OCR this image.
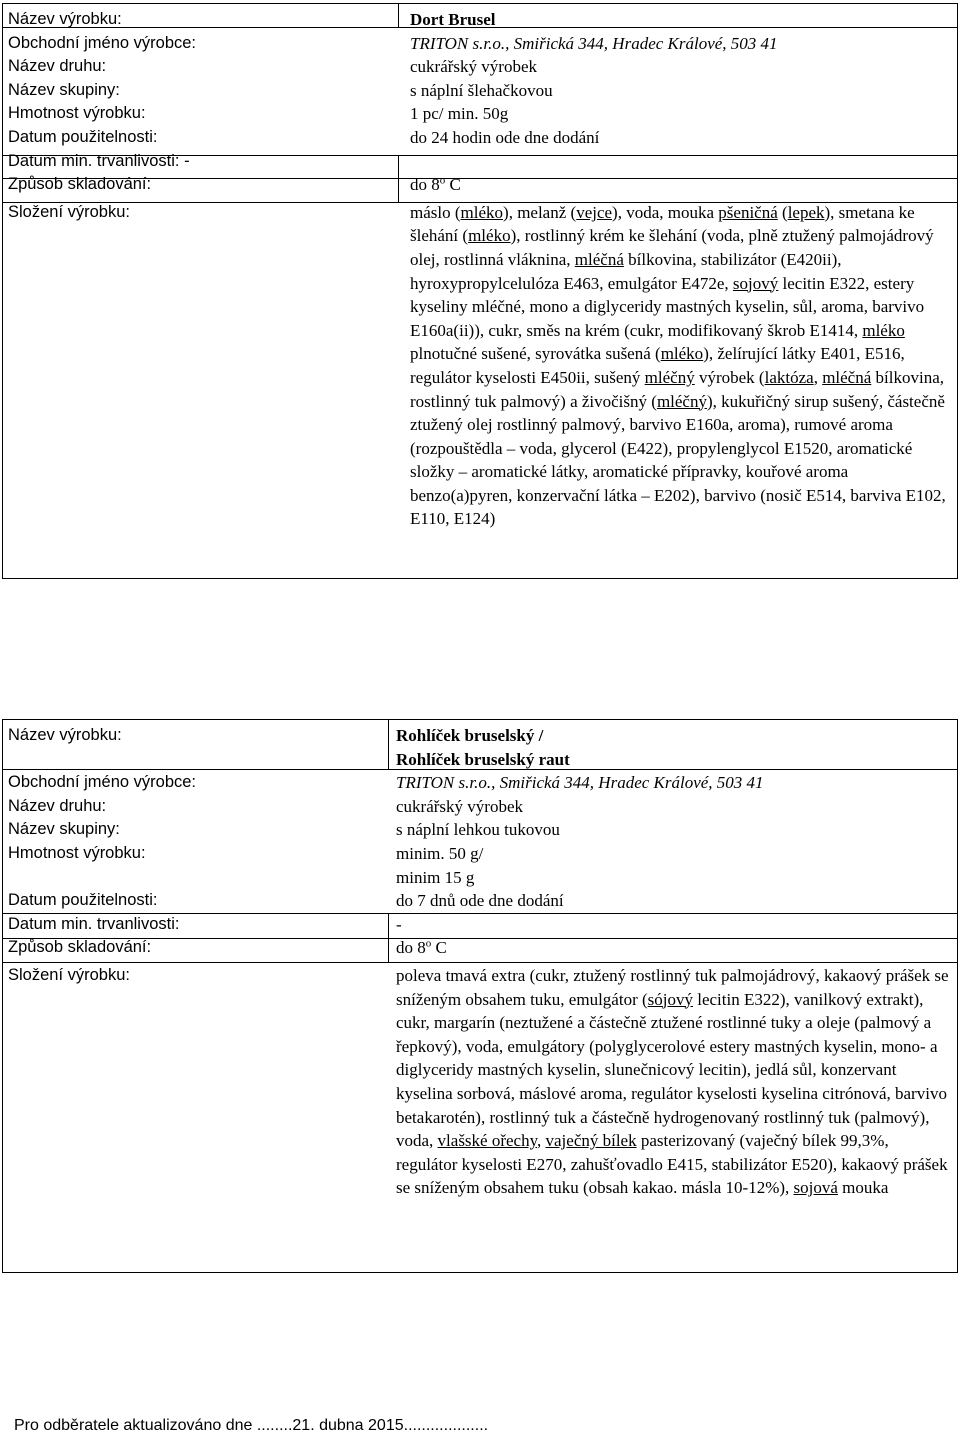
Název výrobku:	Dort Brusel
Obchodní jméno výrobce:	TRITON s.r.o., Smiřická 344, Hradec Králové, 503 41
Název druhu:	cukrářský výrobek
Název skupiny:	s náplní šlehačkovou
Hmotnost výrobku:	1 pc/ min. 50g
Datum použitelnosti:	do 24 hodin ode dne dodání
Datum min. trvanlivosti: -	
Způsob skladování:	do 8$^o$ C
Složení výrobku:	máslo (mléko), melanž (vejce), voda, mouka pšeničná (lepek), smetana ke šlehání (mléko), rostlinný krém ke šlehání (voda, plně ztužený palmojádrový olej, rostlinná vláknina, mléčná bílkovina, stabilizátor (E420ii), hyroxypropylcelulóza E463, emulgátor E472e, sojový lecitin E322, estery kyseliny mléčné, mono a diglyceridy mastných kyselin, sůl, aroma, barvivo E160a(ii)), cukr, směs na krém (cukr, modifikovaný škrob E1414, mléko plnotučné sušené, syrovátka sušená (mléko), želírující látky E401, E516, regulátor kyselosti E450ii, sušený mléčný výrobek (laktóza, mléčná bílkovina, rostlinný tuk palmový) a živočišný (mléčný), kukuřičný sirup sušený, částečně ztužený olej rostlinný palmový, barvivo E160a, aroma), rumové aroma (rozpouštědla – voda, glycerol (E422), propylenglycol E1520, aromatické složky – aromatické látky, aromatické přípravky, kouřové aroma benzo(a)pyren, konzervační látka – E202), barvivo (nosič E514, barviva E102, E110, E124)
Název výrobku:	Rohlíček bruselský /
Rohlíček bruselský raut

Obchodní jméno výrobce:	TRITON s.r.o., Smiřická 344, Hradec Králové, 503 41
Název druhu:	cukrářský výrobek
Název skupiny:	s náplní lehkou tukovou
Hmotnost výrobku:	minim. 50 g/
minim 15 g

Datum použitelnosti:	do 7 dnů ode dne dodání
Datum min. trvanlivosti:	-
Způsob skladování:	do 8$^o$ C
Složení výrobku:	poleva tmavá extra (cukr, ztužený rostlinný tuk palmojádrový, kakaový prášek se sníženým obsahem tuku, emulgátor (sójový lecitin E322), vanilkový extrakt), cukr, margarín (neztužené a částečně ztužené rostlinné tuky a oleje (palmový a řepkový), voda, emulgátory (polyglycerolové estery mastných kyselin, mono- a diglyceridy mastných kyselin, slunečnicový lecitin), jedlá sůl, konzervant kyselina sorbová, máslové aroma, regulátor kyselosti kyselina citrónová, barvivo betakarotén), rostlinný tuk a částečně hydrogenovaný rostlinný tuk (palmový), voda, vlašské ořechy, vaječný bílek pasterizovaný (vaječný bílek 99,3%, regulátor kyselosti E270, zahušťovadlo E415, stabilizátor E520), kakaový prášek se sníženým obsahem tuku (obsah kakao. másla 10-12%), sojová mouka
Pro odběratele aktualizováno dne ........21. dubna 2015...................
